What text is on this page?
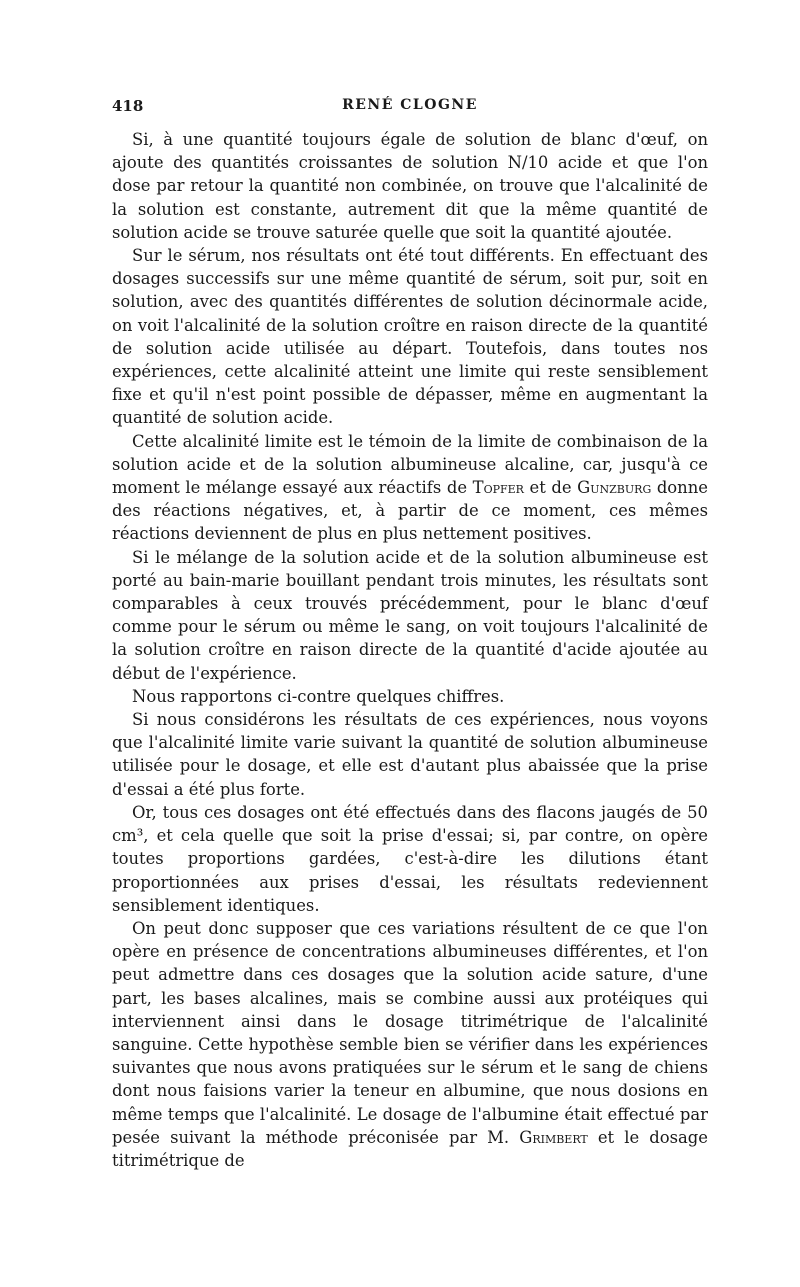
418	RENÉ CLOGNE

Si, à une quantité toujours égale de solution de blanc d'œuf, on ajoute des quantités croissantes de solution N/10 acide et que l'on dose par retour la quantité non combinée, on trouve que l'alcalinité de la solution est constante, autrement dit que la même quantité de solution acide se trouve saturée quelle que soit la quantité ajoutée.

Sur le sérum, nos résultats ont été tout différents. En effectuant des dosages successifs sur une même quantité de sérum, soit pur, soit en solution, avec des quantités différentes de solution décinormale acide, on voit l'alcalinité de la solution croître en raison directe de la quantité de solution acide utilisée au départ. Toutefois, dans toutes nos expériences, cette alcalinité atteint une limite qui reste sensiblement fixe et qu'il n'est point possible de dépasser, même en augmentant la quantité de solution acide.

Cette alcalinité limite est le témoin de la limite de combinaison de la solution acide et de la solution albumineuse alcaline, car, jusqu'à ce moment le mélange essayé aux réactifs de Topfer et de Gunzburg donne des réactions négatives, et, à partir de ce moment, ces mêmes réactions deviennent de plus en plus nettement positives.

Si le mélange de la solution acide et de la solution albumineuse est porté au bain-marie bouillant pendant trois minutes, les résultats sont comparables à ceux trouvés précédemment, pour le blanc d'œuf comme pour le sérum ou même le sang, on voit toujours l'alcalinité de la solution croître en raison directe de la quantité d'acide ajoutée au début de l'expérience.

Nous rapportons ci-contre quelques chiffres.

Si nous considérons les résultats de ces expériences, nous voyons que l'alcalinité limite varie suivant la quantité de solution albumineuse utilisée pour le dosage, et elle est d'autant plus abaissée que la prise d'essai a été plus forte.

Or, tous ces dosages ont été effectués dans des flacons jaugés de 50 cm³, et cela quelle que soit la prise d'essai; si, par contre, on opère toutes proportions gardées, c'est-à-dire les dilutions étant proportionnées aux prises d'essai, les résultats redeviennent sensiblement identiques.

On peut donc supposer que ces variations résultent de ce que l'on opère en présence de concentrations albumineuses différentes, et l'on peut admettre dans ces dosages que la solution acide sature, d'une part, les bases alcalines, mais se combine aussi aux protéiques qui interviennent ainsi dans le dosage titrimétrique de l'alcalinité sanguine. Cette hypothèse semble bien se vérifier dans les expériences suivantes que nous avons pratiquées sur le sérum et le sang de chiens dont nous faisions varier la teneur en albumine, que nous dosions en même temps que l'alcalinité. Le dosage de l'albumine était effectué par pesée suivant la méthode préconisée par M. Grimbert et le dosage titrimétrique de
